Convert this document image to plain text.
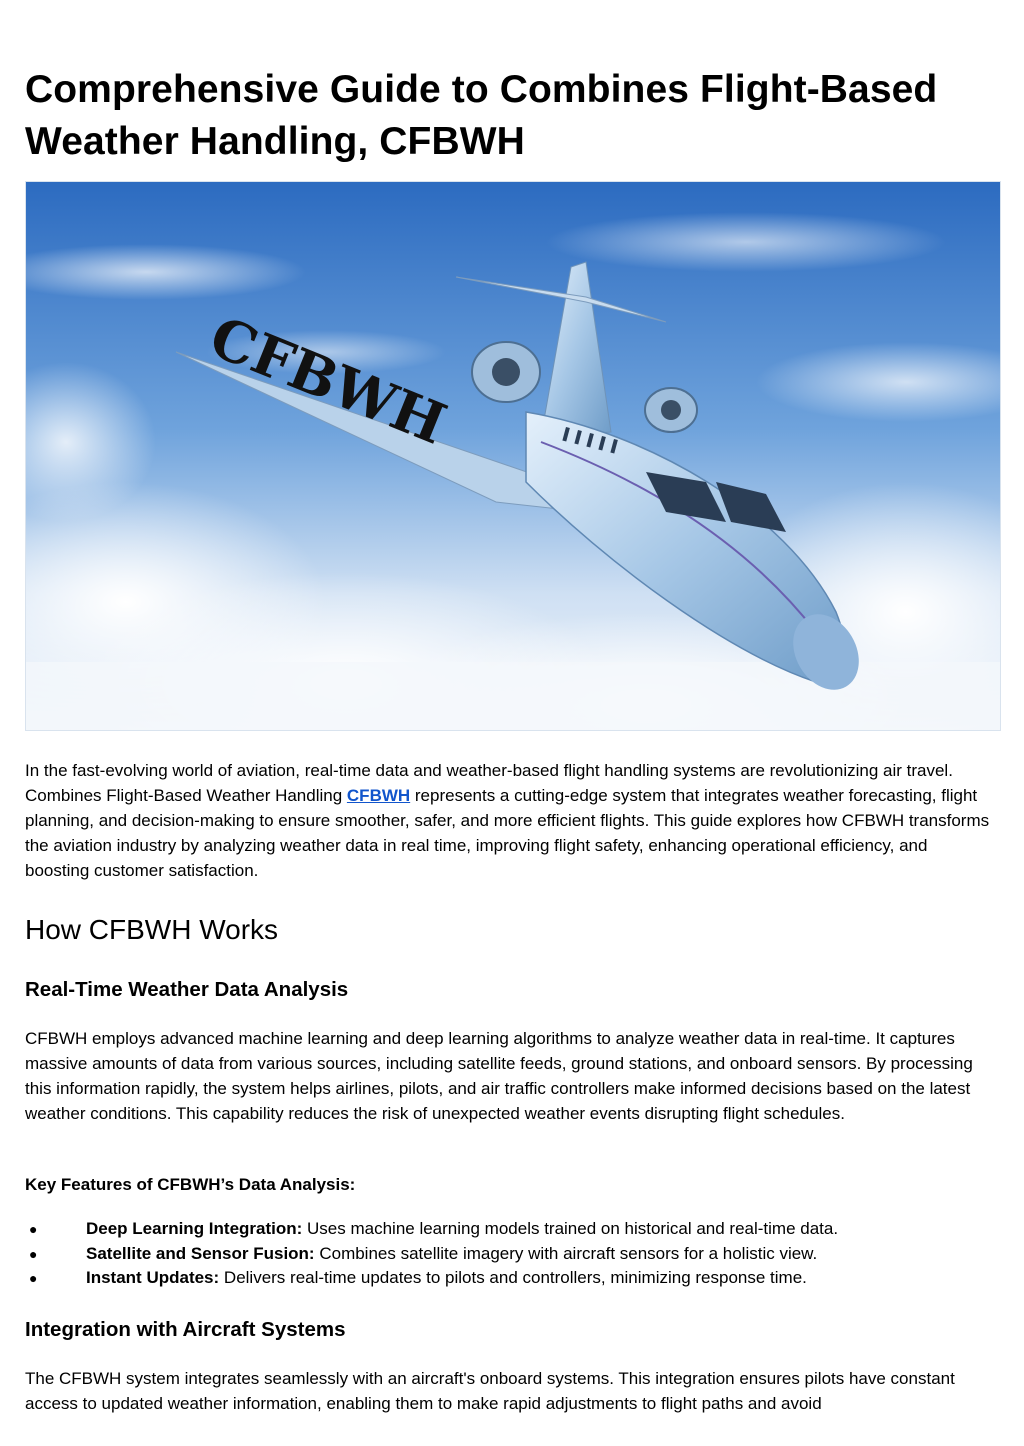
Comprehensive Guide to Combines Flight-Based Weather Handling, CFBWH
CFBWH

In the fast-evolving world of aviation, real-time data and weather-based flight handling systems are revolutionizing air travel. Combines Flight-Based Weather Handling CFBWH represents a cutting-edge system that integrates weather forecasting, flight planning, and decision-making to ensure smoother, safer, and more efficient flights. This guide explores how CFBWH transforms the aviation industry by analyzing weather data in real time, improving flight safety, enhancing operational efficiency, and boosting customer satisfaction.

How CFBWH Works
Real-Time Weather Data Analysis

CFBWH employs advanced machine learning and deep learning algorithms to analyze weather data in real-time. It captures massive amounts of data from various sources, including satellite feeds, ground stations, and onboard sensors. By processing this information rapidly, the system helps airlines, pilots, and air traffic controllers make informed decisions based on the latest weather conditions. This capability reduces the risk of unexpected weather events disrupting flight schedules.

Key Features of CFBWH’s Data Analysis:
●	Deep Learning Integration: Uses machine learning models trained on historical and real-time data.
●	Satellite and Sensor Fusion: Combines satellite imagery with aircraft sensors for a holistic view.
●	Instant Updates: Delivers real-time updates to pilots and controllers, minimizing response time.
Integration with Aircraft Systems

The CFBWH system integrates seamlessly with an aircraft's onboard systems. This integration ensures pilots have constant access to updated weather information, enabling them to make rapid adjustments to flight paths and avoid
